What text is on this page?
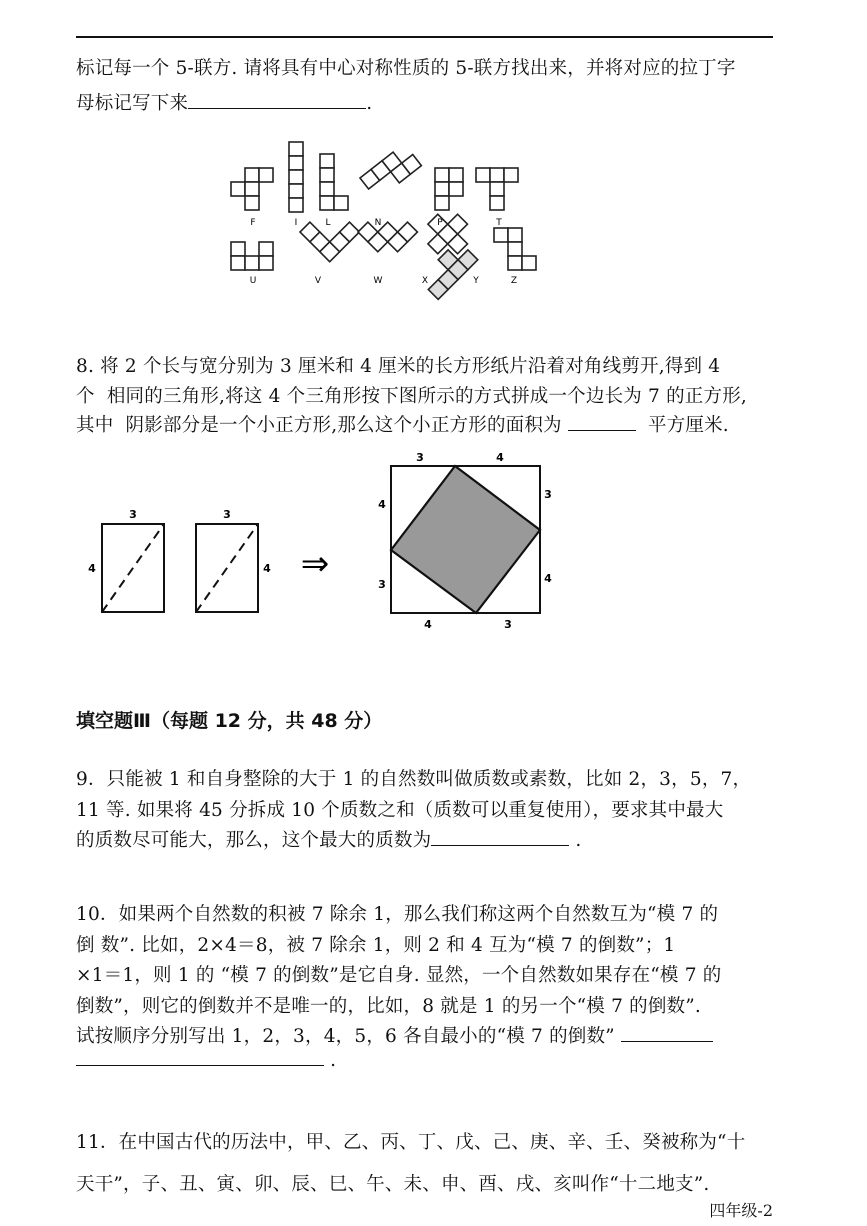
标记每一个 5-联方. 请将具有中心对称性质的 5-联方找出来，并将对应的拉丁字
母标记写下来	.
F	I	L	N	P	T
U	V	W	X	Y	Z
8. 将 2 个长与宽分别为 3 厘米和 4 厘米的长方形纸片沿着对角线剪开,得到 4
个  相同的三角形,将这 4 个三角形按下图所示的方式拼成一个边长为 7 的正方形,
其中  阴影部分是一个小正方形,那么这个小正方形的面积为	平方厘米.
3
4
3
4 ⇒
3	4
4
3
3
4
4	3
填空题Ⅲ（每题 12 分，共 48 分）
9．只能被 1 和自身整除的大于 1 的自然数叫做质数或素数，比如 2，3，5，7，
11 等. 如果将 45 分拆成 10 个质数之和（质数可以重复使用），要求其中最大
的质数尽可能大，那么，这个最大的质数为	.
10．如果两个自然数的积被 7 除余 1，那么我们称这两个自然数互为“模 7 的
倒 数”. 比如，2×4＝8，被 7 除余 1，则 2 和 4 互为“模 7 的倒数”；1
×1＝1，则 1 的 “模 7 的倒数”是它自身. 显然，一个自然数如果存在“模 7 的
倒数”，则它的倒数并不是唯一的，比如，8 就是 1 的另一个“模 7 的倒数”.
试按顺序分别写出 1，2，3，4，5，6 各自最小的“模 7 的倒数”
.
11．在中国古代的历法中，甲、乙、丙、丁、戊、己、庚、辛、壬、癸被称为“十
天干”，子、丑、寅、卯、辰、巳、午、未、申、酉、戌、亥叫作“十二地支”.
四年级-2
